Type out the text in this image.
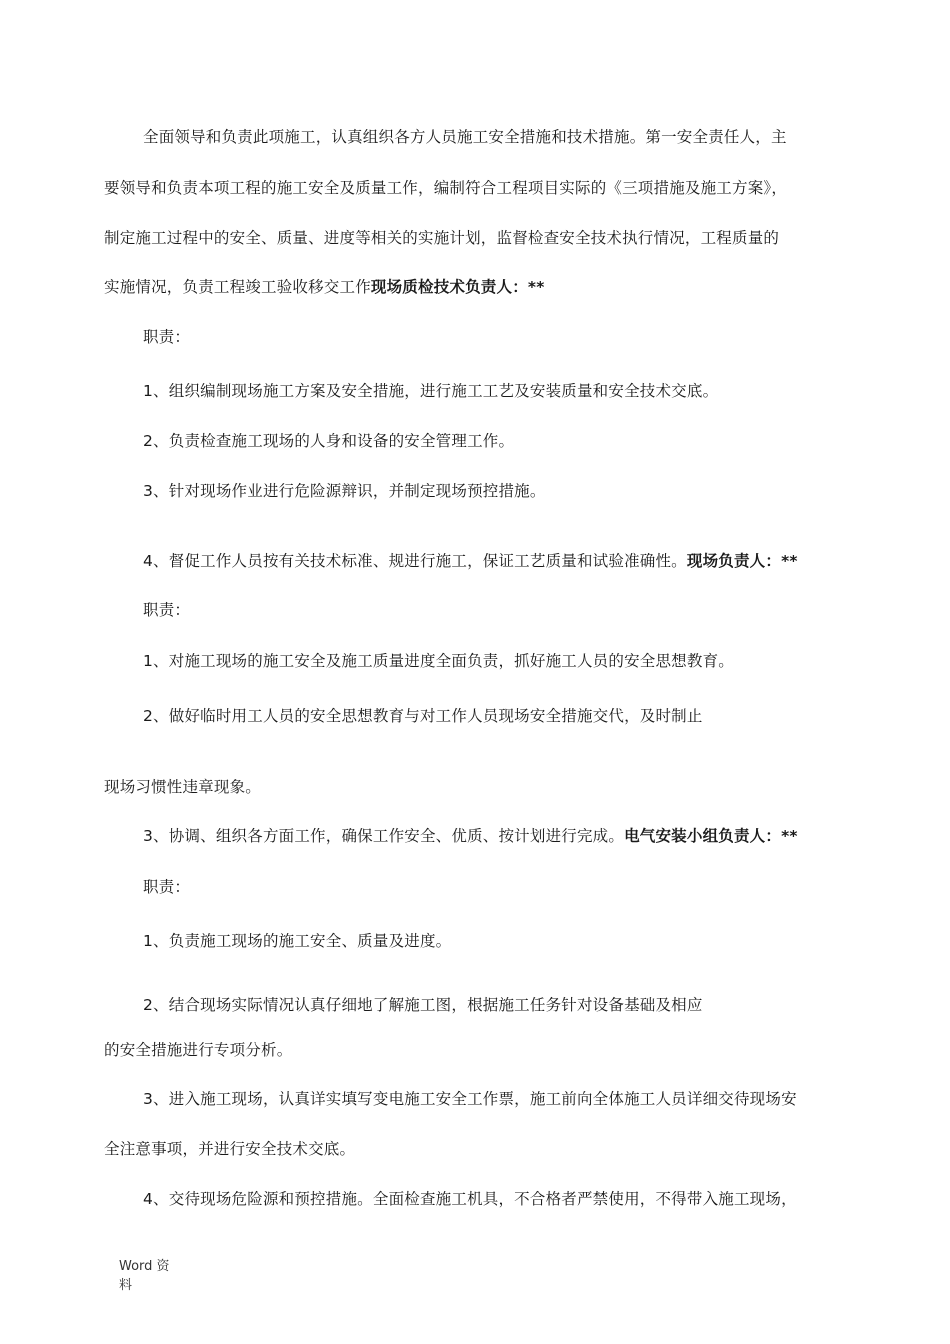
全面领导和负责此项施工，认真组织各方人员施工安全措施和技术措施。第一安全责任人，主
要领导和负责本项工程的施工安全及质量工作，编制符合工程项目实际的《三项措施及施工方案》，
制定施工过程中的安全、质量、进度等相关的实施计划，监督检查安全技术执行情况，工程质量的
实施情况，负责工程竣工验收移交工作现场质检技术负责人：**
职责：
1、组织编制现场施工方案及安全措施，进行施工工艺及安装质量和安全技术交底。
2、负责检查施工现场的人身和设备的安全管理工作。
3、针对现场作业进行危险源辩识，并制定现场预控措施。
4、督促工作人员按有关技术标准、规进行施工，保证工艺质量和试验准确性。现场负责人：**
职责：
1、对施工现场的施工安全及施工质量进度全面负责，抓好施工人员的安全思想教育。
2、做好临时用工人员的安全思想教育与对工作人员现场安全措施交代，及时制止
现场习惯性违章现象。
3、协调、组织各方面工作，确保工作安全、优质、按计划进行完成。电气安装小组负责人：**
职责：
1、负责施工现场的施工安全、质量及进度。
2、结合现场实际情况认真仔细地了解施工图，根据施工任务针对设备基础及相应
的安全措施进行专项分析。
3、进入施工现场，认真详实填写变电施工安全工作票，施工前向全体施工人员详细交待现场安
全注意事项，并进行安全技术交底。
4、交待现场危险源和预控措施。全面检查施工机具，不合格者严禁使用，不得带入施工现场，
Word 资
料
